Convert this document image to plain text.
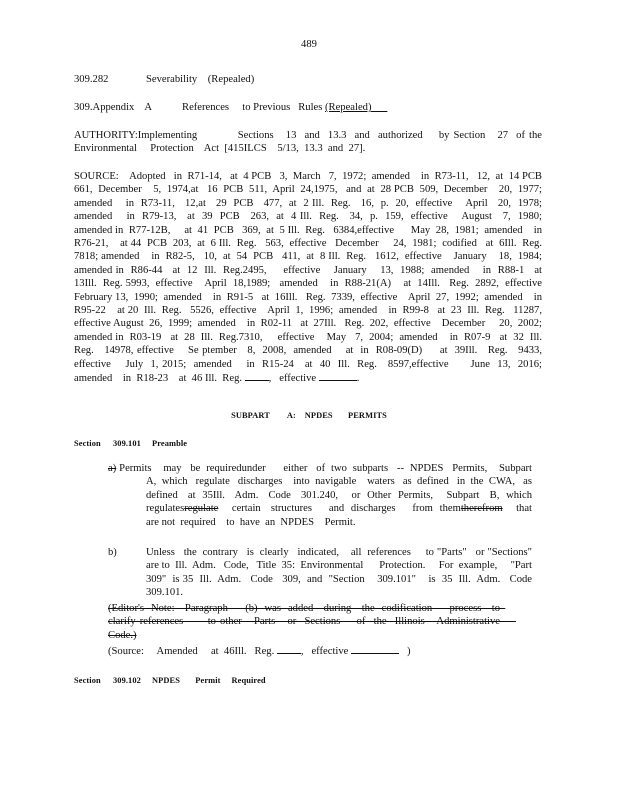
489
309.282	Severability    (Repealed)
309.Appendix    A	References     to Previous   Rules (Repealed)
AUTHORITY:Implementing          Sections   13  and  13.3  and  authorized    by Section   27  of the Environmental     Protection    Act  [415ILCS    5/13,  13.3  and  27].
SOURCE:    Adopted   in  R71-14,   at  4 PCB   3,  March   7,  1972;  amended    in  R73-11,   12,  at  14 PCB 661,  December    5,  1974,at   16  PCB  511,  April  24,1975,   and  at  28 PCB  509,  December    20,  1977; amended    in  R73-11,   12,at   29  PCB   477,  at  2 Ill.  Reg.   16,  p.  20,  effective    April   20,  1978; amended    in  R79-13,   at  39  PCB   263,  at  4 Ill.  Reg.   34,  p.  159,  effective    August   7,  1980;  amended in  R77-12B,     at  41  PCB   369,  at  5 Ill.  Reg.   6384,effective      May  28,  1981;  amended    in  R76-21,    at 44  PCB  203,  at  6 Ill.  Reg.   563,  effective   December     24,  1981;  codified   at  6Ill.  Reg.   7818; amended    in  R82-5,   10,  at  54  PCB   411,  at  8 Ill.  Reg.   1612,  effective    January    18,  1984;  amended in  R86-44   at  12  Ill.  Reg.2495,     effective    January    13,  1988;  amended    in  R88-1   at  13Ill.  Reg. 5993,  effective    April  18,1989;   amended    in  R88-21(A)    at  14Ill.   Reg.  2892,  effective    February 13,  1990;  amended    in  R91-5   at  16Ill.   Reg.  7339,  effective    April  27,  1992;  amended    in  R95-22    at 20  Ill.  Reg.   5526,  effective    April  1,  1996;  amended    in  R99-8   at  23  Ill.  Reg.   11287,  effective August  26,  1999;  amended    in  R02-11   at  27Ill.   Reg.  202,  effective    December     20,  2002;  amended in  R03-19   at  28  Ill.  Reg.7310,     effective    May   7,  2004;  amended    in  R07-9   at  32  Ill.  Reg.   14978, effective    Se ptember   8,  2008,  amended    at  in  R08-09(D)     at  39Ill.   Reg.   9433,  effective    July  1, 2015;  amended    in  R15-24   at  40  Ill.  Reg.   8597,effective      June  13,  2016;  amended    in  R18-23    at  46 Ill.  Reg. ,   effective	.
SUBPART        A:    NPDES       PERMITS
Section 309.101 Preamble
a) Permits    may   be  requiredunder      either   of  two  subparts   --  NPDES   Permits,    Subpart A,  which   regulate   discharges    into  navigable    waters   as  defined   in  the  CWA,   as defined   at  35Ill.   Adm.   Code   301.240,    or  Other  Permits,    Subpart   B,  which regulatesregulate    certain   structures     and  discharges     from  themtherefrom    that  are not  required    to  have  an  NPDES    Permit.
b)	Unless   the  contrary   is  clearly   indicated,    all  references     to "Parts"   or "Sections"     are to  Ill.  Adm.   Code,   Title  35:  Environmental      Protection.     For  example,     "Part  309"  is 35  Ill.  Adm.   Code   309,  and  "Section    309.101"    is  35  Ill.  Adm.   Code   309.101.
(Editor's  Note:   Paragraph     (b)  was  added   during   the  codification     process   to  clarify references      to other   Parts   or  Sections    of  the  Illinois   Administrative      Code.)
(Source:     Amended     at  46Ill.   Reg. ,   effective	)
Section 309.102 NPDES       Permit     Required
